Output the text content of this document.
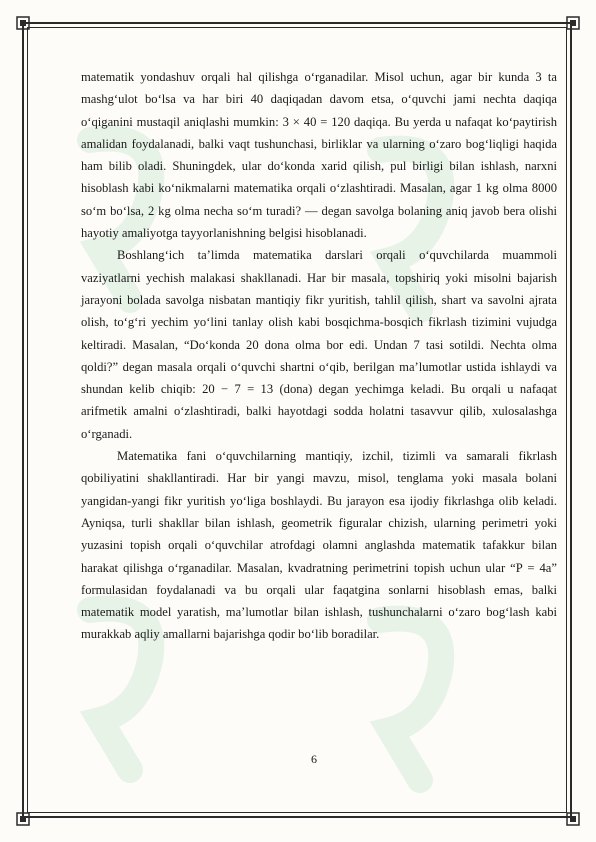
matematik yondashuv orqali hal qilishga o‘rganadilar. Misol uchun, agar bir kunda 3 ta mashg‘ulot bo‘lsa va har biri 40 daqiqadan davom etsa, o‘quvchi jami nechta daqiqa o‘qiganini mustaqil aniqlashi mumkin: 3 × 40 = 120 daqiqa. Bu yerda u nafaqat ko‘paytirish amalidan foydalanadi, balki vaqt tushunchasi, birliklar va ularning o‘zaro bog‘liqligi haqida ham bilib oladi. Shuningdek, ular do‘konda xarid qilish, pul birligi bilan ishlash, narxni hisoblash kabi ko‘nikmalarni matematika orqali o‘zlashtiradi. Masalan, agar 1 kg olma 8000 so‘m bo‘lsa, 2 kg olma necha so‘m turadi? — degan savolga bolaning aniq javob bera olishi hayotiy amaliyotga tayyorlanishning belgisi hisoblanadi.

Boshlang‘ich ta’limda matematika darslari orqali o‘quvchilarda muammoli vaziyatlarni yechish malakasi shakllanadi. Har bir masala, topshiriq yoki misolni bajarish jarayoni bolada savolga nisbatan mantiqiy fikr yuritish, tahlil qilish, shart va savolni ajrata olish, to‘g‘ri yechim yo‘lini tanlay olish kabi bosqichma-bosqich fikrlash tizimini vujudga keltiradi. Masalan, “Do‘konda 20 dona olma bor edi. Undan 7 tasi sotildi. Nechta olma qoldi?” degan masala orqali o‘quvchi shartni o‘qib, berilgan ma’lumotlar ustida ishlaydi va shundan kelib chiqib: 20 − 7 = 13 (dona) degan yechimga keladi. Bu orqali u nafaqat arifmetik amalni o‘zlashtiradi, balki hayotdagi sodda holatni tasavvur qilib, xulosalashga o‘rganadi.

Matematika fani o‘quvchilarning mantiqiy, izchil, tizimli va samarali fikrlash qobiliyatini shakllantiradi. Har bir yangi mavzu, misol, tenglama yoki masala bolani yangidan-yangi fikr yuritish yo‘liga boshlaydi. Bu jarayon esa ijodiy fikrlashga olib keladi. Ayniqsa, turli shakllar bilan ishlash, geometrik figuralar chizish, ularning perimetri yoki yuzasini topish orqali o‘quvchilar atrofdagi olamni anglashda matematik tafakkur bilan harakat qilishga o‘rganadilar. Masalan, kvadratning perimetrini topish uchun ular “P = 4a” formulasidan foydalanadi va bu orqali ular faqatgina sonlarni hisoblash emas, balki matematik model yaratish, ma’lumotlar bilan ishlash, tushunchalarni o‘zaro bog‘lash kabi murakkab aqliy amallarni bajarishga qodir bo‘lib boradilar.

6
